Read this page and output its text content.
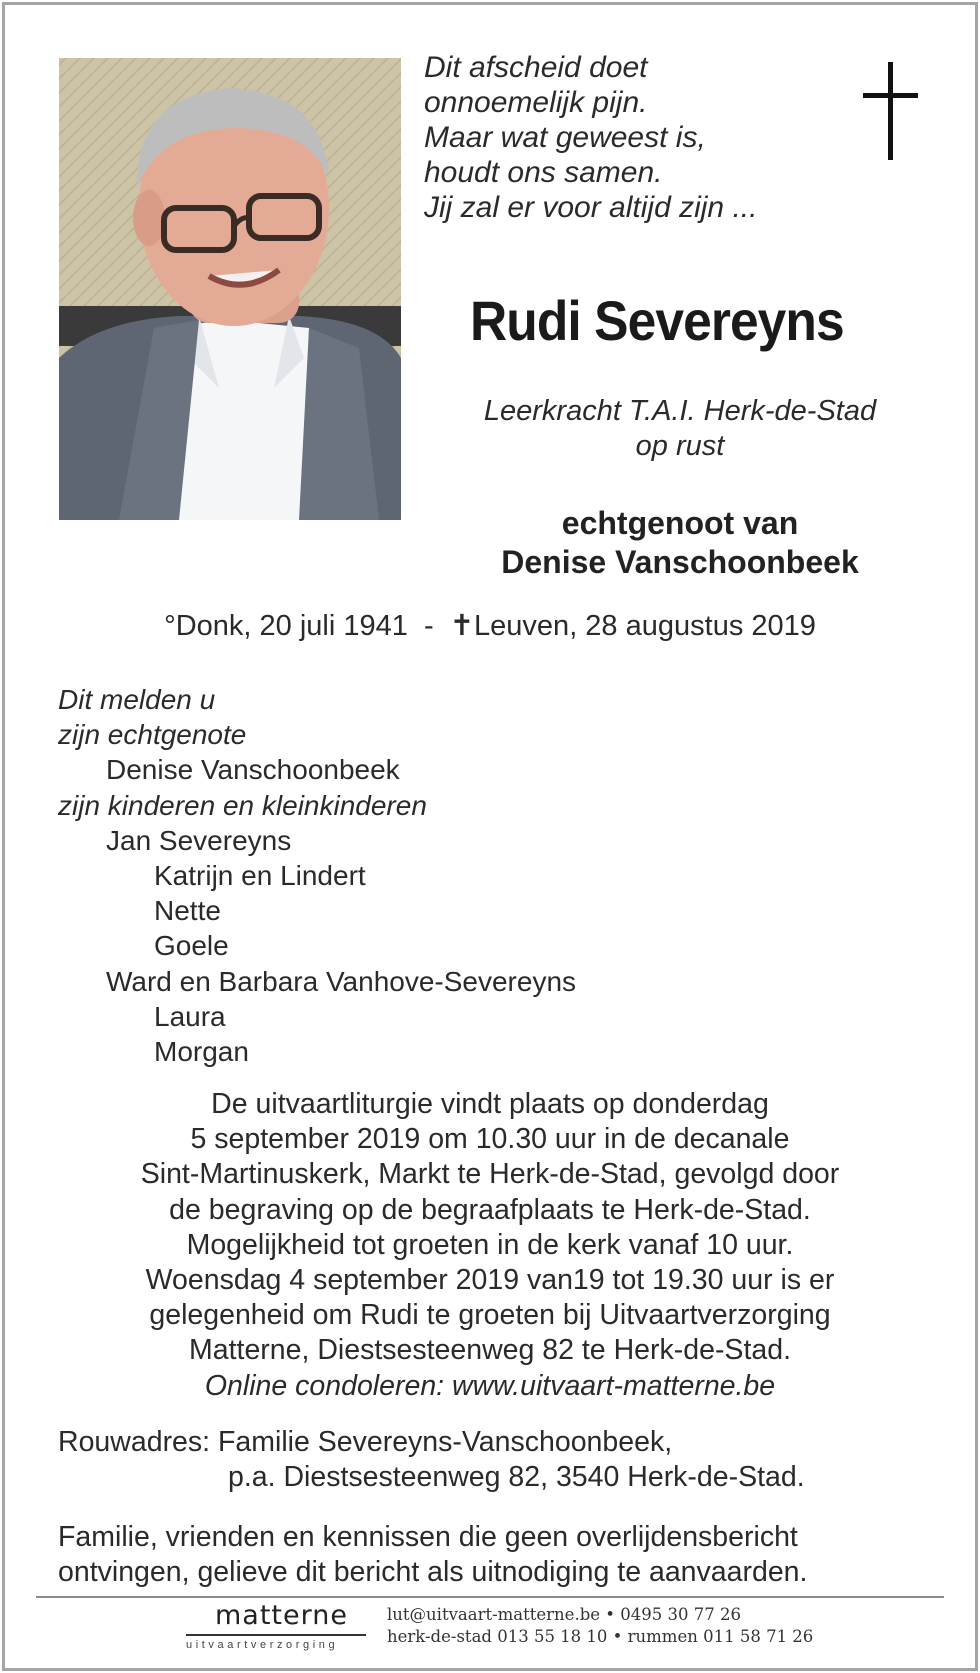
Dit afscheid doet
onnoemelijk pijn.
Maar wat geweest is,
houdt ons samen.
Jij zal er voor altijd zijn ...
Rudi Severeyns
Leerkracht T.A.I. Herk-de-Stad
op rust
echtgenoot van
Denise Vanschoonbeek
°Donk, 20 juli 1941  -  ✝Leuven, 28 augustus 2019
Dit melden u
zijn echtgenote
Denise Vanschoonbeek
zijn kinderen en kleinkinderen
Jan Severeyns
Katrijn en Lindert
Nette
Goele
Ward en Barbara Vanhove-Severeyns
Laura
Morgan
De uitvaartliturgie vindt plaats op donderdag
5 september 2019 om 10.30 uur in de decanale
Sint-Martinuskerk, Markt te Herk-de-Stad, gevolgd door
de begraving op de begraafplaats te Herk-de-Stad.
Mogelijkheid tot groeten in de kerk vanaf 10 uur.
Woensdag 4 september 2019 van19 tot 19.30 uur is er
gelegenheid om Rudi te groeten bij Uitvaartverzorging
Matterne, Diestsesteenweg 82 te Herk-de-Stad.
Online condoleren: www.uitvaart-matterne.be
Rouwadres: Familie Severeyns-Vanschoonbeek,
p.a. Diestsesteenweg 82, 3540 Herk-de-Stad.
Familie, vrienden en kennissen die geen overlijdensbericht
ontvingen, gelieve dit bericht als uitnodiging te aanvaarden.
matterne
uitvaartverzorging
lut@uitvaart-matterne.be • 0495 30 77 26
herk-de-stad 013 55 18 10 • rummen 011 58 71 26
